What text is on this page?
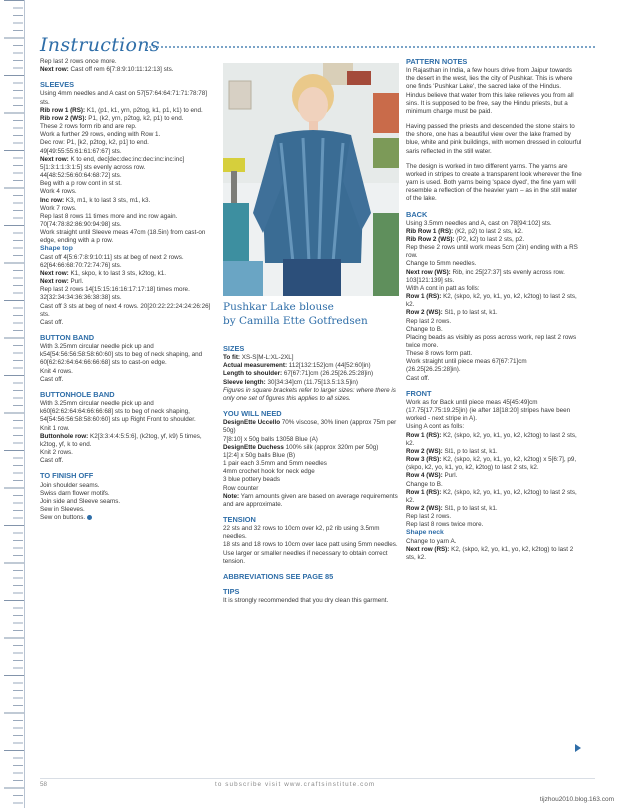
Instructions

Rep last 2 rows once more.

Next row: Cast off rem 6[7:8:9:10:11:12:13] sts.

SLEEVES

Using 4mm needles and A cast on 57[57:64:64:71:71:78:78] sts.

Rib row 1 (RS): K1, (p1, k1, yrn, p2tog, k1, p1, k1) to end.

Rib row 2 (WS): P1, (k2, yrn, p2tog, k2, p1) to end.

These 2 rows form rib and are rep.

Work a further 29 rows, ending with Row 1.

Dec row: P1, [k2, p2tog, k2, p1] to end. 49[49:55:55:61:61:67:67] sts.

Next row: K to end, dec[dec:dec:inc:dec:inc:inc:inc] 5[1:3:1:1:3:1:5] sts evenly across row. 44[48:52:56:60:64:68:72] sts.

Beg with a p row cont in st st.

Work 4 rows.

Inc row: K3, m1, k to last 3 sts, m1, k3.

Work 7 rows.

Rep last 8 rows 11 times more and inc row again. 70[74:78:82:86:90:94:98] sts.

Work straight until Sleeve meas 47cm (18.5in) from cast-on edge, ending with a p row.

Shape top

Cast off 4[5:6:7:8:9:10:11] sts at beg of next 2 rows. 62[64:66:68:70:72:74:76] sts.

Next row: K1, skpo, k to last 3 sts, k2tog, k1.

Next row: Purl.

Rep last 2 rows 14[15:15:16:16:17:17:18] times more. 32[32:34:34:36:36:38:38] sts.

Cast off 3 sts at beg of next 4 rows. 20[20:22:22:24:24:26:26] sts.

Cast off.

BUTTON BAND

With 3.25mm circular needle pick up and k54[54:56:56:58:58:60:60] sts to beg of neck shaping, and 60[62:62:64:64:66:66:68] sts to cast-on edge.

Knit 4 rows.

Cast off.

BUTTONHOLE BAND

With 3.25mm circular needle pick up and k60[62:62:64:64:66:66:68] sts to beg of neck shaping, 54[54:56:56:58:58:60:60] sts up Right Front to shoulder.

Knit 1 row.

Buttonhole row: K2[3:3:4:4:5:5:6], (k2tog, yf, k9) 5 times, k2tog, yf, k to end.

Knit 2 rows.

Cast off.

TO FINISH OFF

Join shoulder seams.

Swiss darn flower motifs.

Join side and Sleeve seams.

Sew in Sleeves.

Sew on buttons.

Pushkar Lake blouse
by Camilla Ette Gotfredsen

SIZES

To fit: XS-S[M-L:XL-2XL]

Actual measurement: 112[132:152]cm (44[52:60]in)

Length to shoulder: 67[67:71]cm (26.25[26.25:28]in)

Sleeve length: 30[34:34]cm (11.75[13.5:13.5]in)

Figures in square brackets refer to larger sizes: where there is only one set of figures this applies to all sizes.

YOU WILL NEED

DesignEtte Uccello 70% viscose, 30% linen (approx 75m per 50g)

7[8:10] x 50g balls 13058 Blue (A)

DesignEtte Duchess 100% silk (approx 320m per 50g)

1[2:4] x 50g balls Blue (B)

1 pair each 3.5mm and 5mm needles

4mm crochet hook for neck edge

3 blue pottery beads

Row counter

Note: Yarn amounts given are based on average requirements and are approximate.

TENSION

22 sts and 32 rows to 10cm over k2, p2 rib using 3.5mm needles.

18 sts and 18 rows to 10cm over lace patt using 5mm needles.

Use larger or smaller needles if necessary to obtain correct tension.

ABBREVIATIONS SEE PAGE 85

TIPS

It is strongly recommended that you dry clean this garment.

PATTERN NOTES

In Rajasthan in India, a few hours drive from Jaipur towards the desert in the west, lies the city of Pushkar. This is where one finds 'Pushkar Lake', the sacred lake of the Hindus. Hindus believe that water from this lake relieves you from all sins. It is supposed to be free, say the Hindu priests, but a minimum charge must be paid.

Having passed the priests and descended the stone stairs to the shore, one has a beautiful view over the lake framed by blue, white and pink buildings, with women dressed in colourful saris reflected in the still water.

The design is worked in two different yarns. The yarns are worked in stripes to create a transparent look wherever the fine yarn is used. Both yarns being 'space dyed', the fine yarn will resemble a reflection of the heavier yarn – as in the still water of the lake.

BACK

Using 3.5mm needles and A, cast on 78[94:102] sts.

Rib Row 1 (RS): (K2, p2) to last 2 sts, k2.

Rib Row 2 (WS): (P2, k2) to last 2 sts, p2.

Rep these 2 rows until work meas 5cm (2in) ending with a RS row.

Change to 5mm needles.

Next row (WS): Rib, inc 25[27:37] sts evenly across row. 103[121:139] sts.

With A cont in patt as folls:

Row 1 (RS): K2, (skpo, k2, yo, k1, yo, k2, k2tog) to last 2 sts, k2.

Row 2 (WS): Sl1, p to last st, k1.

Rep last 2 rows.

Change to B.

Placing beads as visibly as poss across work, rep last 2 rows twice more.

These 8 rows form patt.

Work straight until piece meas 67[67:71]cm (26.25[26.25:28]in).

Cast off.

FRONT

Work as for Back until piece meas 45[45:49]cm (17.75[17.75:19.25]in) (ie after 18[18:20] stripes have been worked - next stripe in A).

Using A cont as folls:

Row 1 (RS): K2, (skpo, k2, yo, k1, yo, k2, k2tog) to last 2 sts, k2.

Row 2 (WS): Sl1, p to last st, k1.

Row 3 (RS): K2, (skpo, k2, yo, k1, yo, k2, k2tog) x 5[6:7], p9, (skpo, k2, yo, k1, yo, k2, k2tog) to last 2 sts, k2.

Row 4 (WS): Purl.

Change to B.

Row 1 (RS): K2, (skpo, k2, yo, k1, yo, k2, k2tog) to last 2 sts, k2.

Row 2 (WS): Sl1, p to last st, k1.

Rep last 2 rows.

Rep last 8 rows twice more.

Shape neck

Change to yarn A.

Next row (RS): K2, (skpo, k2, yo, k1, yo, k2, k2tog) to last 2 sts, k2.

58	to subscribe visit www.craftsinstitute.com
tijzhou2010.blog.163.com
